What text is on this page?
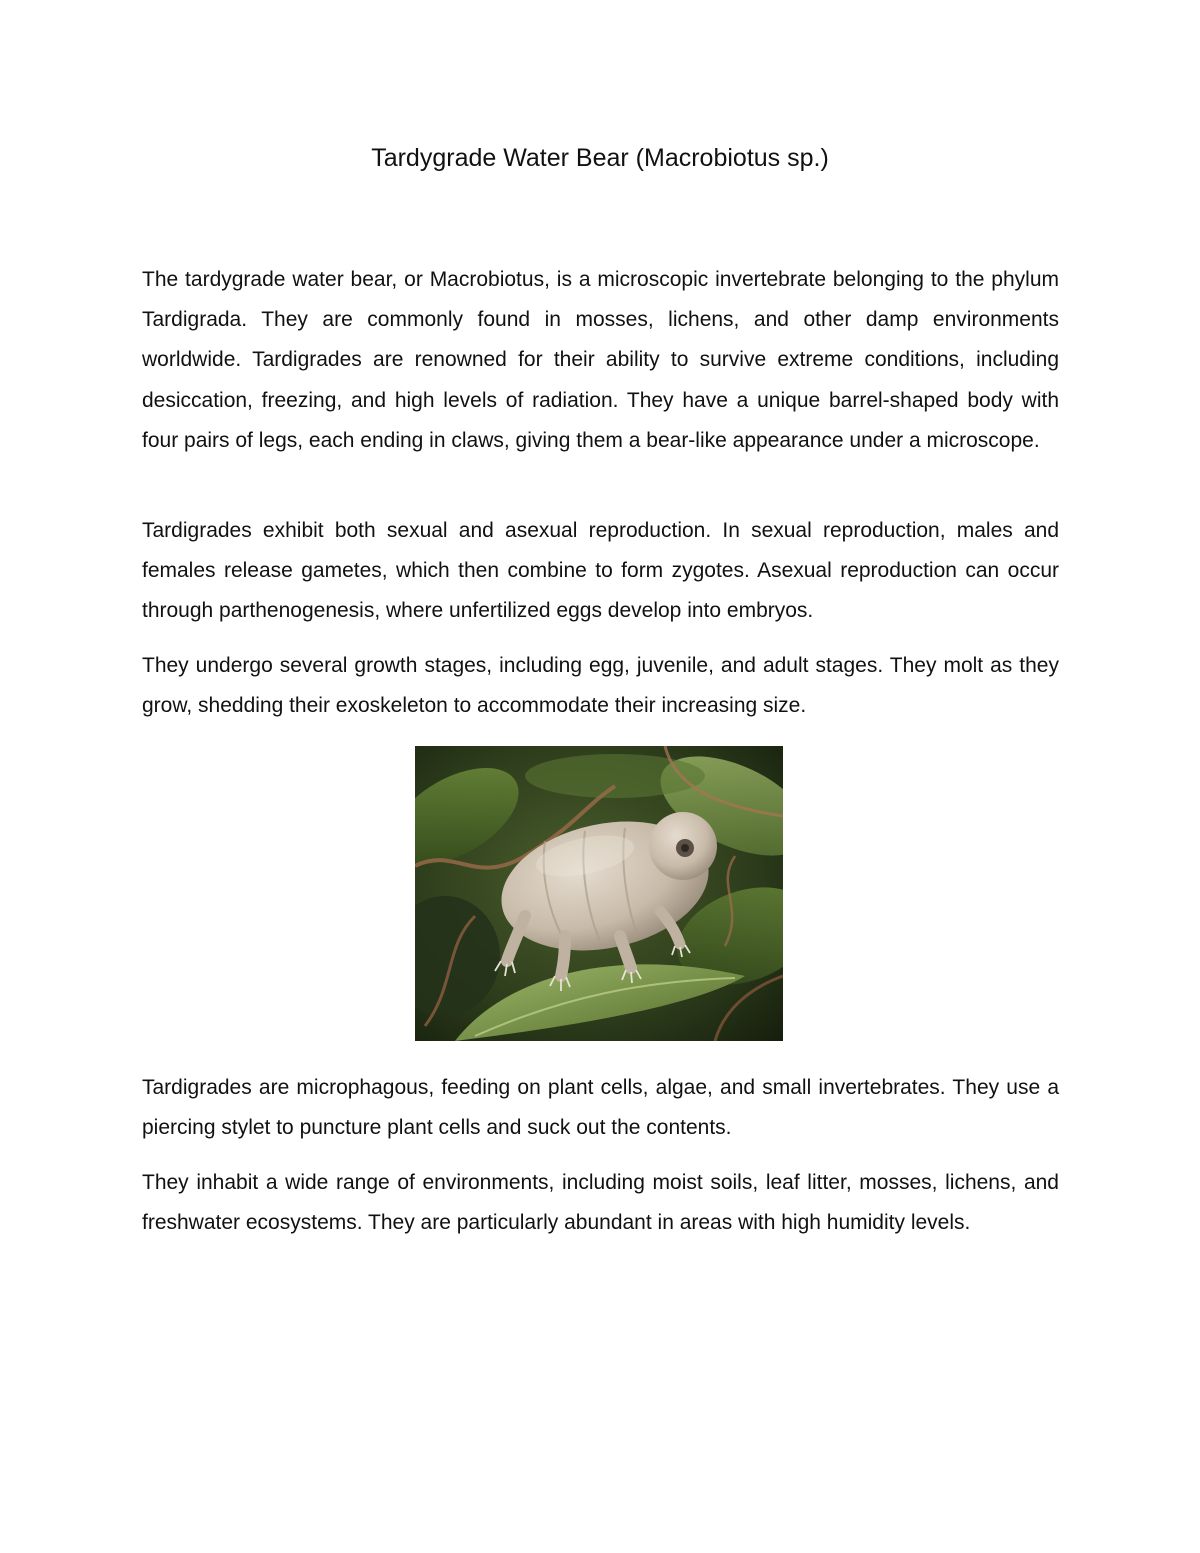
Tardygrade Water Bear (Macrobiotus sp.)

The tardygrade water bear, or Macrobiotus, is a microscopic invertebrate belonging to the phylum Tardigrada. They are commonly found in mosses, lichens, and other damp environments worldwide. Tardigrades are renowned for their ability to survive extreme conditions, including desiccation, freezing, and high levels of radiation. They have a unique barrel-shaped body with four pairs of legs, each ending in claws, giving them a bear-like appearance under a microscope.

Tardigrades exhibit both sexual and asexual reproduction. In sexual reproduction, males and females release gametes, which then combine to form zygotes. Asexual reproduction can occur through parthenogenesis, where unfertilized eggs develop into embryos.

They undergo several growth stages, including egg, juvenile, and adult stages. They molt as they grow, shedding their exoskeleton to accommodate their increasing size.

Tardigrades are microphagous, feeding on plant cells, algae, and small invertebrates. They use a piercing stylet to puncture plant cells and suck out the contents.

They inhabit a wide range of environments, including moist soils, leaf litter, mosses, lichens, and freshwater ecosystems. They are particularly abundant in areas with high humidity levels.
